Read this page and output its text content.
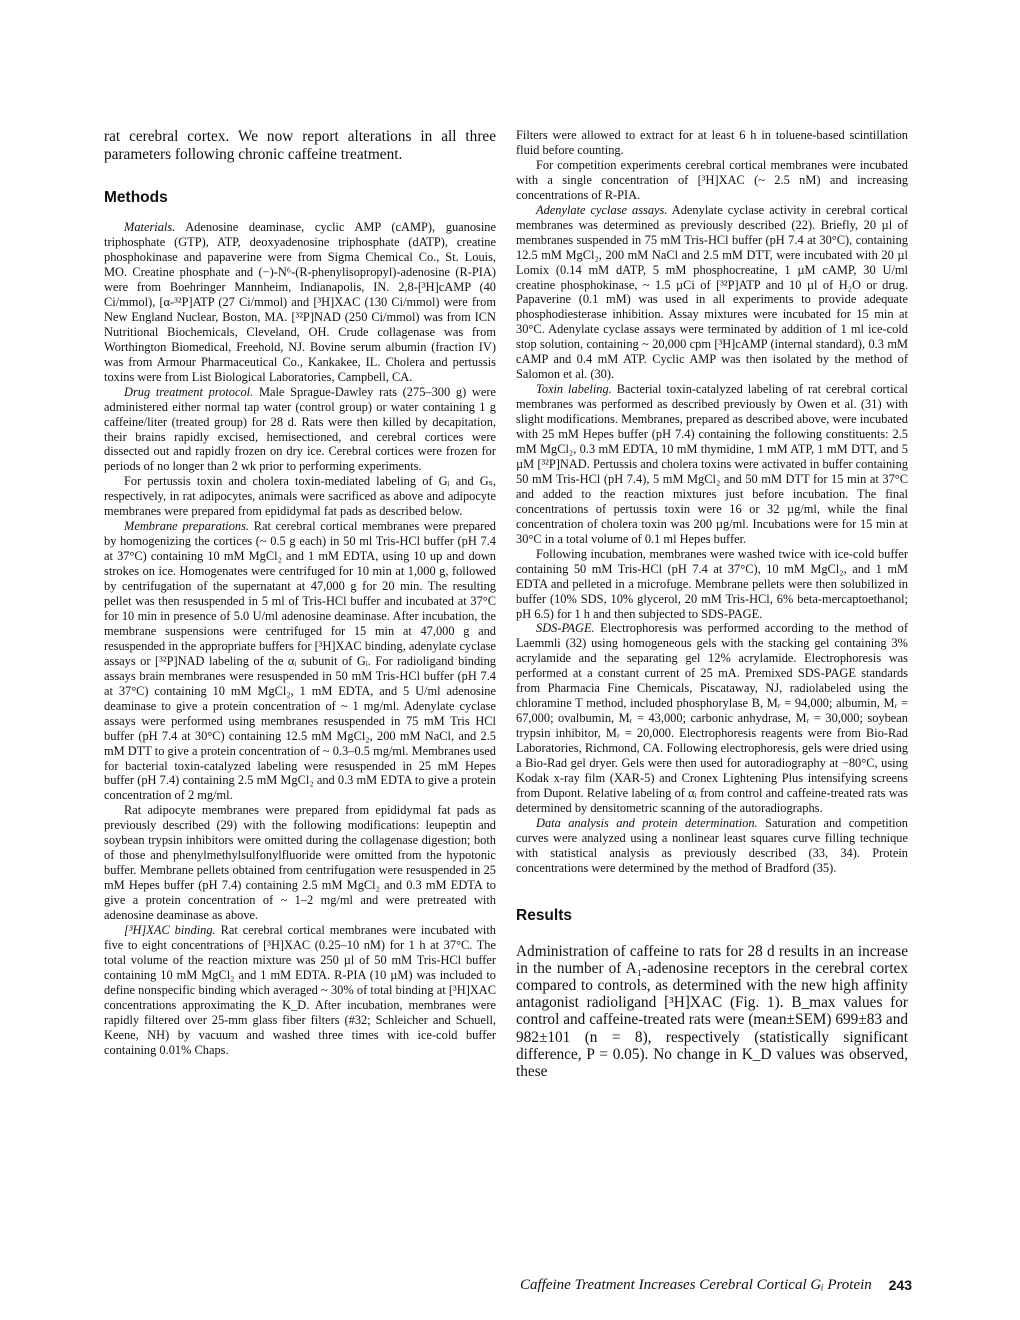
rat cerebral cortex. We now report alterations in all three parameters following chronic caffeine treatment.

Methods

Materials. Adenosine deaminase, cyclic AMP (cAMP), guanosine triphosphate (GTP), ATP, deoxyadenosine triphosphate (dATP), creatine phosphokinase and papaverine were from Sigma Chemical Co., St. Louis, MO. Creatine phosphate and (−)-N⁶-(R-phenylisopropyl)-adenosine (R-PIA) were from Boehringer Mannheim, Indianapolis, IN. 2,8-[³H]cAMP (40 Ci/mmol), [α-³²P]ATP (27 Ci/mmol) and [³H]XAC (130 Ci/mmol) were from New England Nuclear, Boston, MA. [³²P]NAD (250 Ci/mmol) was from ICN Nutritional Biochemicals, Cleveland, OH. Crude collagenase was from Worthington Biomedical, Freehold, NJ. Bovine serum albumin (fraction IV) was from Armour Pharmaceutical Co., Kankakee, IL. Cholera and pertussis toxins were from List Biological Laboratories, Campbell, CA.

Drug treatment protocol. Male Sprague-Dawley rats (275–300 g) were administered either normal tap water (control group) or water containing 1 g caffeine/liter (treated group) for 28 d. Rats were then killed by decapitation, their brains rapidly excised, hemisectioned, and cerebral cortices were dissected out and rapidly frozen on dry ice. Cerebral cortices were frozen for periods of no longer than 2 wk prior to performing experiments.

For pertussis toxin and cholera toxin-mediated labeling of Gᵢ and Gₛ, respectively, in rat adipocytes, animals were sacrificed as above and adipocyte membranes were prepared from epididymal fat pads as described below.

Membrane preparations. Rat cerebral cortical membranes were prepared by homogenizing the cortices (~ 0.5 g each) in 50 ml Tris-HCl buffer (pH 7.4 at 37°C) containing 10 mM MgCl₂ and 1 mM EDTA, using 10 up and down strokes on ice. Homogenates were centrifuged for 10 min at 1,000 g, followed by centrifugation of the supernatant at 47,000 g for 20 min. The resulting pellet was then resuspended in 5 ml of Tris-HCl buffer and incubated at 37°C for 10 min in presence of 5.0 U/ml adenosine deaminase. After incubation, the membrane suspensions were centrifuged for 15 min at 47,000 g and resuspended in the appropriate buffers for [³H]XAC binding, adenylate cyclase assays or [³²P]NAD labeling of the αᵢ subunit of Gᵢ. For radioligand binding assays brain membranes were resuspended in 50 mM Tris-HCl buffer (pH 7.4 at 37°C) containing 10 mM MgCl₂, 1 mM EDTA, and 5 U/ml adenosine deaminase to give a protein concentration of ~ 1 mg/ml. Adenylate cyclase assays were performed using membranes resuspended in 75 mM Tris HCl buffer (pH 7.4 at 30°C) containing 12.5 mM MgCl₂, 200 mM NaCl, and 2.5 mM DTT to give a protein concentration of ~ 0.3–0.5 mg/ml. Membranes used for bacterial toxin-catalyzed labeling were resuspended in 25 mM Hepes buffer (pH 7.4) containing 2.5 mM MgCl₂ and 0.3 mM EDTA to give a protein concentration of 2 mg/ml.

Rat adipocyte membranes were prepared from epididymal fat pads as previously described (29) with the following modifications: leupeptin and soybean trypsin inhibitors were omitted during the collagenase digestion; both of those and phenylmethylsulfonylfluoride were omitted from the hypotonic buffer. Membrane pellets obtained from centrifugation were resuspended in 25 mM Hepes buffer (pH 7.4) containing 2.5 mM MgCl₂ and 0.3 mM EDTA to give a protein concentration of ~ 1–2 mg/ml and were pretreated with adenosine deaminase as above.

[³H]XAC binding. Rat cerebral cortical membranes were incubated with five to eight concentrations of [³H]XAC (0.25–10 nM) for 1 h at 37°C. The total volume of the reaction mixture was 250 µl of 50 mM Tris-HCl buffer containing 10 mM MgCl₂ and 1 mM EDTA. R-PIA (10 µM) was included to define nonspecific binding which averaged ~ 30% of total binding at [³H]XAC concentrations approximating the K_D. After incubation, membranes were rapidly filtered over 25-mm glass fiber filters (#32; Schleicher and Schuell, Keene, NH) by vacuum and washed three times with ice-cold buffer containing 0.01% Chaps.

Filters were allowed to extract for at least 6 h in toluene-based scintillation fluid before counting.

For competition experiments cerebral cortical membranes were incubated with a single concentration of [³H]XAC (~ 2.5 nM) and increasing concentrations of R-PIA.

Adenylate cyclase assays. Adenylate cyclase activity in cerebral cortical membranes was determined as previously described (22). Briefly, 20 µl of membranes suspended in 75 mM Tris-HCl buffer (pH 7.4 at 30°C), containing 12.5 mM MgCl₂, 200 mM NaCl and 2.5 mM DTT, were incubated with 20 µl Lomix (0.14 mM dATP, 5 mM phosphocreatine, 1 µM cAMP, 30 U/ml creatine phosphokinase, ~ 1.5 µCi of [³²P]ATP and 10 µl of H₂O or drug. Papaverine (0.1 mM) was used in all experiments to provide adequate phosphodiesterase inhibition. Assay mixtures were incubated for 15 min at 30°C. Adenylate cyclase assays were terminated by addition of 1 ml ice-cold stop solution, containing ~ 20,000 cpm [³H]cAMP (internal standard), 0.3 mM cAMP and 0.4 mM ATP. Cyclic AMP was then isolated by the method of Salomon et al. (30).

Toxin labeling. Bacterial toxin-catalyzed labeling of rat cerebral cortical membranes was performed as described previously by Owen et al. (31) with slight modifications. Membranes, prepared as described above, were incubated with 25 mM Hepes buffer (pH 7.4) containing the following constituents: 2.5 mM MgCl₂, 0.3 mM EDTA, 10 mM thymidine, 1 mM ATP, 1 mM DTT, and 5 µM [³²P]NAD. Pertussis and cholera toxins were activated in buffer containing 50 mM Tris-HCl (pH 7.4), 5 mM MgCl₂ and 50 mM DTT for 15 min at 37°C and added to the reaction mixtures just before incubation. The final concentrations of pertussis toxin were 16 or 32 µg/ml, while the final concentration of cholera toxin was 200 µg/ml. Incubations were for 15 min at 30°C in a total volume of 0.1 ml Hepes buffer.

Following incubation, membranes were washed twice with ice-cold buffer containing 50 mM Tris-HCl (pH 7.4 at 37°C), 10 mM MgCl₂, and 1 mM EDTA and pelleted in a microfuge. Membrane pellets were then solubilized in buffer (10% SDS, 10% glycerol, 20 mM Tris-HCl, 6% beta-mercaptoethanol; pH 6.5) for 1 h and then subjected to SDS-PAGE.

SDS-PAGE. Electrophoresis was performed according to the method of Laemmli (32) using homogeneous gels with the stacking gel containing 3% acrylamide and the separating gel 12% acrylamide. Electrophoresis was performed at a constant current of 25 mA. Premixed SDS-PAGE standards from Pharmacia Fine Chemicals, Piscataway, NJ, radiolabeled using the chloramine T method, included phosphorylase B, Mᵣ = 94,000; albumin, Mᵣ = 67,000; ovalbumin, Mᵣ = 43,000; carbonic anhydrase, Mᵣ = 30,000; soybean trypsin inhibitor, Mᵣ = 20,000. Electrophoresis reagents were from Bio-Rad Laboratories, Richmond, CA. Following electrophoresis, gels were dried using a Bio-Rad gel dryer. Gels were then used for autoradiography at −80°C, using Kodak x-ray film (XAR-5) and Cronex Lightening Plus intensifying screens from Dupont. Relative labeling of αᵢ from control and caffeine-treated rats was determined by densitometric scanning of the autoradiographs.

Data analysis and protein determination. Saturation and competition curves were analyzed using a nonlinear least squares curve filling technique with statistical analysis as previously described (33, 34). Protein concentrations were determined by the method of Bradford (35).

Results

Administration of caffeine to rats for 28 d results in an increase in the number of A₁-adenosine receptors in the cerebral cortex compared to controls, as determined with the new high affinity antagonist radioligand [³H]XAC (Fig. 1). B_max values for control and caffeine-treated rats were (mean±SEM) 699±83 and 982±101 (n = 8), respectively (statistically significant difference, P = 0.05). No change in K_D values was observed, these

Caffeine Treatment Increases Cerebral Cortical Gᵢ Protein 243
